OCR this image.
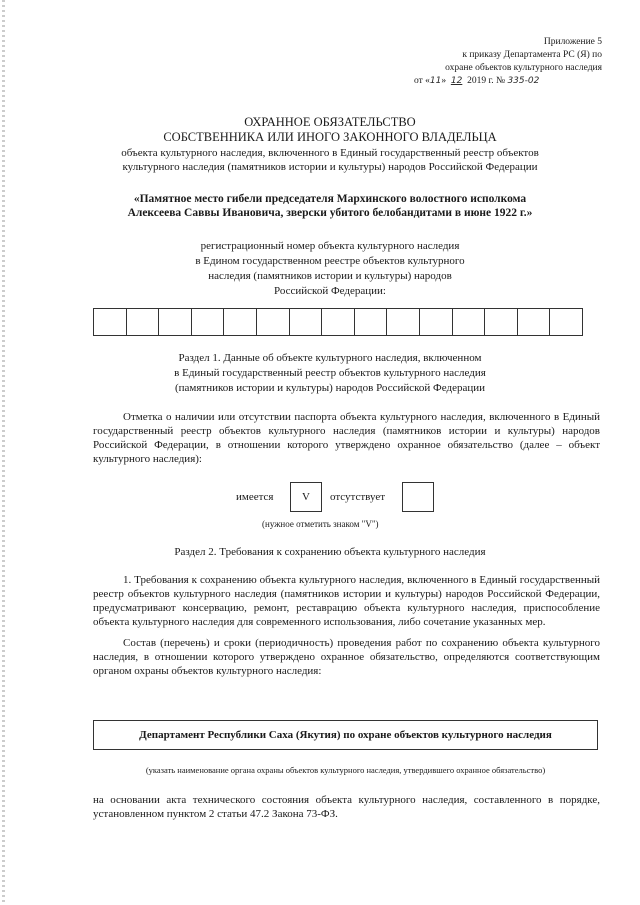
Приложение 5
к приказу Департамента РС (Я) по
охране объектов культурного наследия
от «11» 12 2019 г. № 335-02
ОХРАННОЕ ОБЯЗАТЕЛЬСТВО
СОБСТВЕННИКА ИЛИ ИНОГО ЗАКОННОГО ВЛАДЕЛЬЦА
объекта культурного наследия, включенного в Единый государственный реестр объектов
культурного наследия (памятников истории и культуры) народов Российской Федерации
«Памятное место гибели председателя Мархинского волостного исполкома
Алексеева Саввы Ивановича, зверски убитого белобандитами в июне 1922 г.»
регистрационный номер объекта культурного наследия
в Едином государственном реестре объектов культурного
наследия (памятников истории и культуры) народов
Российской Федерации:
Раздел 1. Данные об объекте культурного наследия, включенном
в Единый государственный реестр объектов культурного наследия
(памятников истории и культуры) народов Российской Федерации
Отметка о наличии или отсутствии паспорта объекта культурного наследия, включенного в Единый государственный реестр объектов культурного наследия (памятников истории и культуры) народов Российской Федерации, в отношении которого утверждено охранное обязательство (далее – объект культурного наследия):
имеется	V	отсутствует
(нужное отметить знаком "V")
Раздел 2. Требования к сохранению объекта культурного наследия
1. Требования к сохранению объекта культурного наследия, включенного в Единый государственный реестр объектов культурного наследия (памятников истории и культуры) народов Российской Федерации, предусматривают консервацию, ремонт, реставрацию объекта культурного наследия, приспособление объекта культурного наследия для современного использования, либо сочетание указанных мер.
Состав (перечень) и сроки (периодичность) проведения работ по сохранению объекта культурного наследия, в отношении которого утверждено охранное обязательство, определяются соответствующим органом охраны объектов культурного наследия:
Департамент Республики Саха (Якутия) по охране объектов культурного наследия
(указать наименование органа охраны объектов культурного наследия, утвердившего охранное обязательство)
на основании акта технического состояния объекта культурного наследия, составленного в порядке, установленном пунктом 2 статьи 47.2 Закона 73-ФЗ.
